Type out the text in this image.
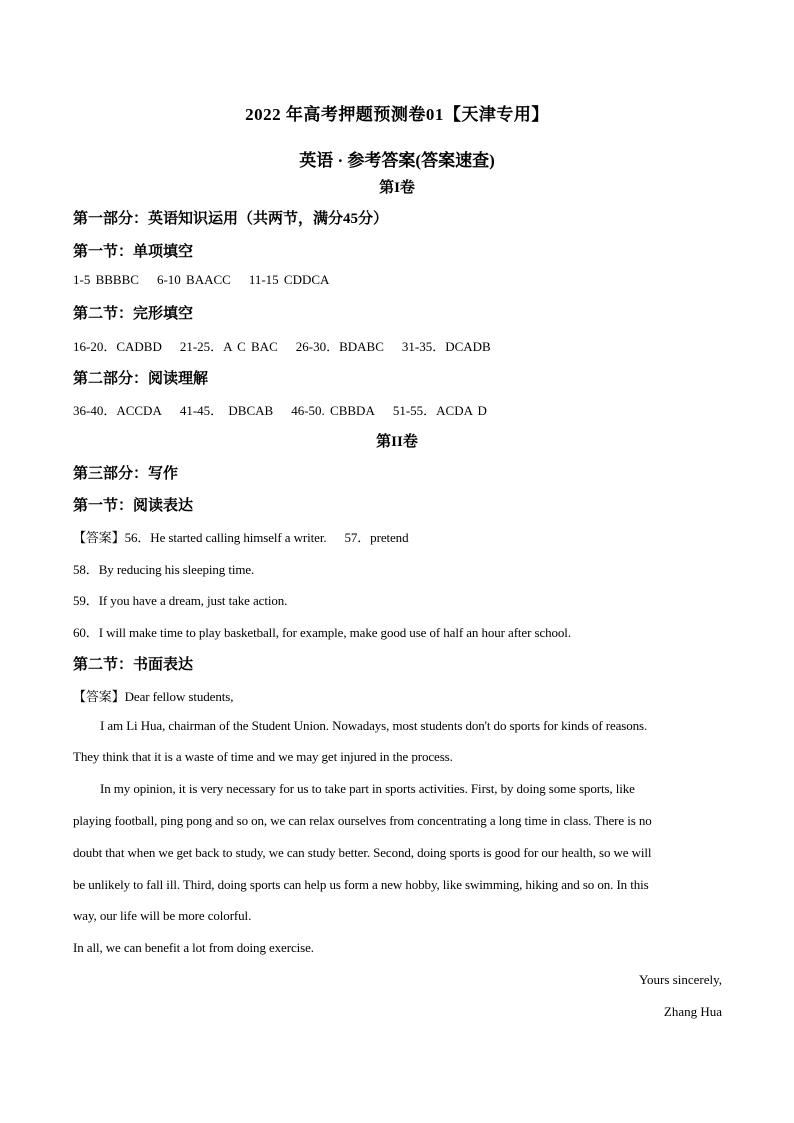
2022 年高考押题预测卷01【天津专用】
英语 · 参考答案(答案速查)
第I卷
第一部分：英语知识运用（共两节，满分45分）
第一节：单项填空
1-5 BBBBC 6-10 BAACC 11-15 CDDCA
第二节：完形填空
16-20．CADBD 21-25．A C BAC 26-30．BDABC 31-35．DCADB
第二部分：阅读理解
36-40．ACCDA 41-45． DBCAB 46-50. CBBDA 51-55．ACDA D
第II卷
第三部分：写作
第一节：阅读表达
【答案】56．He started calling himself a writer. 57．pretend
58．By reducing his sleeping time.
59．If you have a dream, just take action.
60．I will make time to play basketball, for example, make good use of half an hour after school.
第二节：书面表达
【答案】Dear fellow students,
I am Li Hua, chairman of the Student Union. Nowadays, most students don't do sports for kinds of reasons.
They think that it is a waste of time and we may get injured in the process.
In my opinion, it is very necessary for us to take part in sports activities. First, by doing some sports, like
playing football, ping pong and so on, we can relax ourselves from concentrating a long time in class. There is no
doubt that when we get back to study, we can study better. Second, doing sports is good for our health, so we will
be unlikely to fall ill. Third, doing sports can help us form a new hobby, like swimming, hiking and so on. In this
way, our life will be more colorful.
In all, we can benefit a lot from doing exercise.
Yours sincerely,
Zhang Hua
